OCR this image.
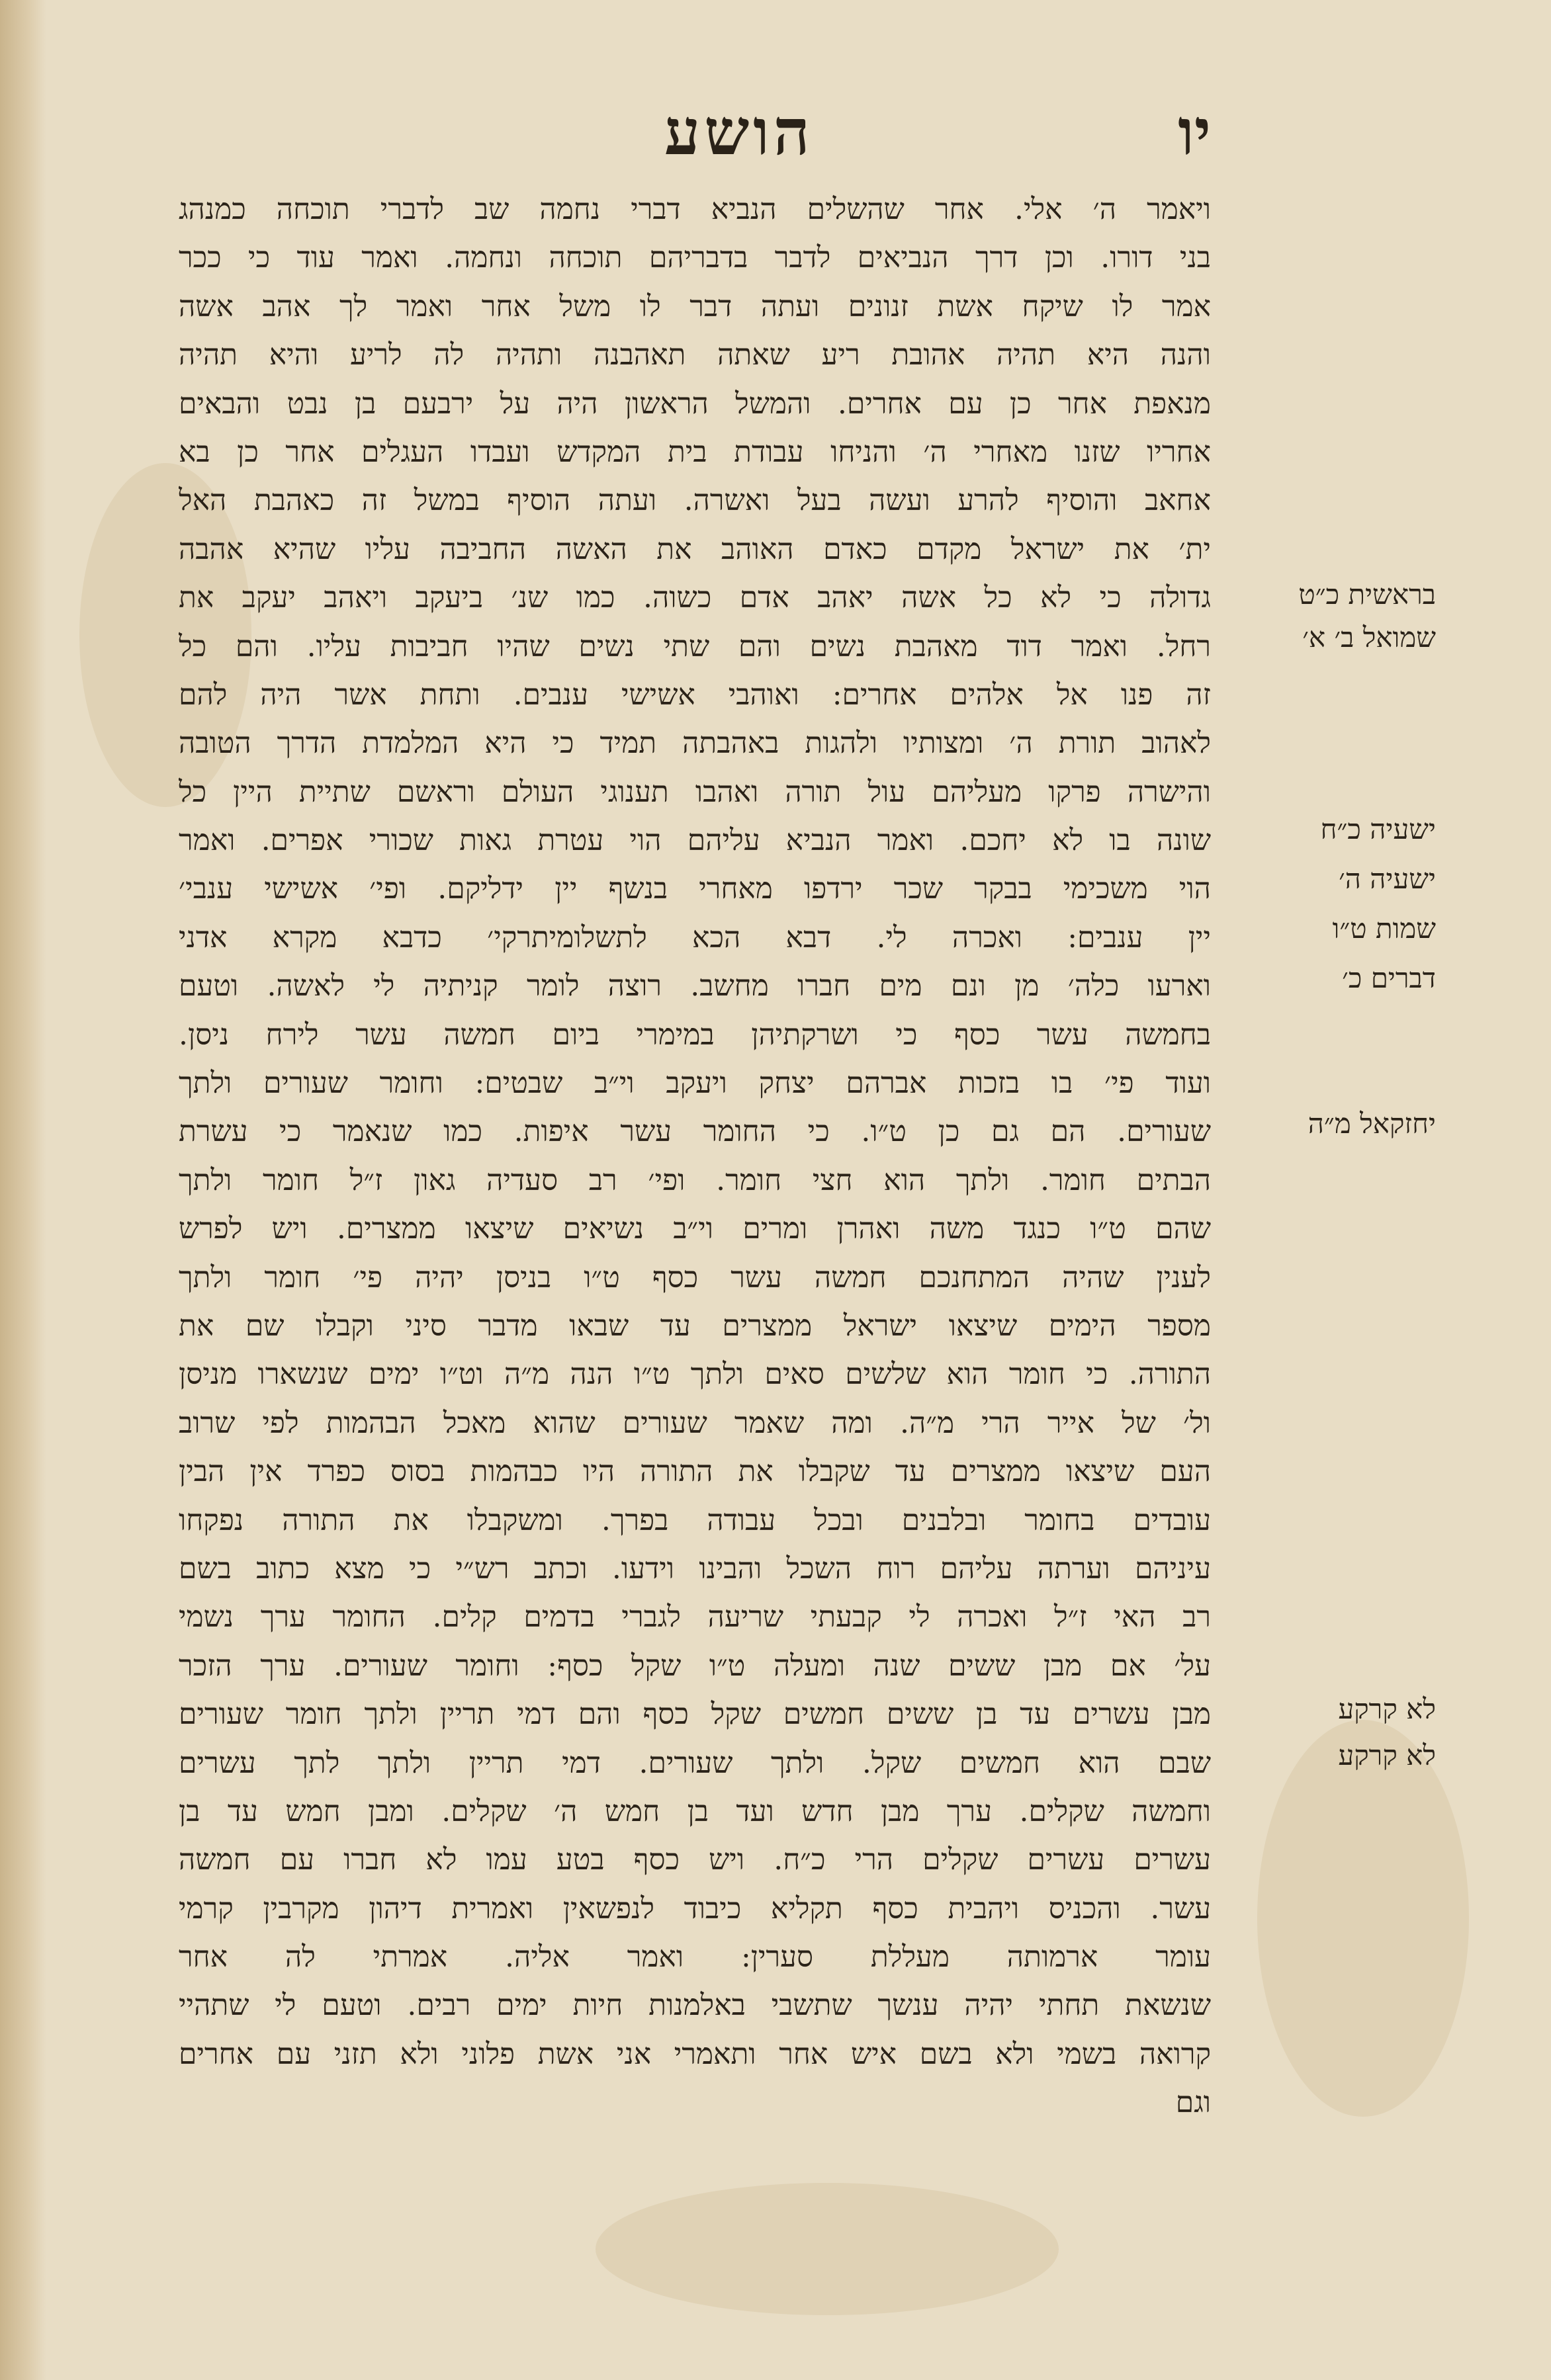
יו
הושע
ויאמר ה׳ אלי. אחר שהשלים הנביא דברי נחמה שב לדברי תוכחה כמנהג
בני דורו. וכן דרך הנביאים לדבר בדבריהם תוכחה ונחמה. ואמר עוד כי ככר
אמר לו שיקח אשת זנונים ועתה דבר לו משל אחר ואמר לך אהב אשה
והנה היא תהיה אהובת ריע שאתה תאהבנה ותהיה לה לריע והיא תהיה
מנאפת אחר כן עם אחרים. והמשל הראשון היה על ירבעם בן נבט והבאים
אחריו שזנו מאחרי ה׳ והניחו עבודת בית המקדש ועבדו העגלים אחר כן בא
אחאב והוסיף להרע ועשה בעל ואשרה. ועתה הוסיף במשל זה כאהבת האל
ית׳ את ישראל מקדם כאדם האוהב את האשה החביבה עליו שהיא אהבה
גדולה כי לא כל אשה יאהב אדם כשוה. כמו שנ׳ ביעקב ויאהב יעקב את
רחל. ואמר דוד מאהבת נשים והם שתי נשים שהיו חביבות עליו. והם כל
זה פנו אל אלהים אחרים: ואוהבי אשישי ענבים. ותחת אשר היה להם
לאהוב תורת ה׳ ומצותיו ולהגות באהבתה תמיד כי היא המלמדת הדרך הטובה
והישרה פרקו מעליהם עול תורה ואהבו תענוגי העולם וראשם שתיית היין כל
שונה בו לא יחכם. ואמר הנביא עליהם הוי עטרת גאות שכורי אפרים. ואמר
הוי משכימי בבקר שכר ירדפו מאחרי בנשף יין ידליקם. ופי׳ אשישי ענבי׳
יין ענבים: ואכרה לי. דבא הכא לתשלומיתרקי׳ כדבא מקרא אדני
וארעו כלה׳ מן ונם מים חברו מחשב. רוצה לומר קניתיה לי לאשה. וטעם
בחמשה עשר כסף כי ושרקתיהן במימרי ביום חמשה עשר לירח ניסן.
ועוד פי׳ בו בזכות אברהם יצחק ויעקב וי״ב שבטים: וחומר שעורים ולתך
שעורים. הם גם כן ט״ו. כי החומר עשר איפות. כמו שנאמר כי עשרת
הבתים חומר. ולתך הוא חצי חומר. ופי׳ רב סעדיה גאון ז״ל חומר ולתך
שהם ט״ו כנגד משה ואהרן ומרים וי״ב נשיאים שיצאו ממצרים. ויש לפרש
לענין שהיה המתחנכם חמשה עשר כסף ט״ו בניסן יהיה פי׳ חומר ולתך
מספר הימים שיצאו ישראל ממצרים עד שבאו מדבר סיני וקבלו שם את
התורה. כי חומר הוא שלשים סאים ולתך ט״ו הנה מ״ה וט״ו ימים שנשארו מניסן
ול׳ של אייר הרי מ״ה. ומה שאמר שעורים שהוא מאכל הבהמות לפי שרוב
העם שיצאו ממצרים עד שקבלו את התורה היו כבהמות בסוס כפרד אין הבין
עובדים בחומר ובלבנים ובכל עבודה בפרך. ומשקבלו את התורה נפקחו
עיניהם וערתה עליהם רוח השכל והבינו וידעו. וכתב רש״י כי מצא כתוב בשם
רב האי ז״ל ואכרה לי קבעתי שריעה לגברי בדמים קלים. החומר ערך נשמי
על׳ אם מבן ששים שנה ומעלה ט״ו שקל כסף: וחומר שעורים. ערך הזכר
מבן עשרים עד בן ששים חמשים שקל כסף והם דמי תריין ולתך חומר שעורים
שבם הוא חמשים שקל. ולתך שעורים. דמי תריין ולתך לתך עשרים
וחמשה שקלים. ערך מבן חדש ועד בן חמש ה׳ שקלים. ומבן חמש עד בן
עשרים עשרים שקלים הרי כ״ח. ויש כסף בטע עמו לא חברו עם חמשה
עשר. והכניס ויהבית כסף תקליא כיבוד לנפשאין ואמרית דיהון מקרבין קרמי
עומר ארמותה מעללת סערין: ואמר אליה. אמרתי לה אחר
שנשאת תחתי יהיה ענשך שתשבי באלמנות חיות ימים רבים. וטעם לי שתהיי
קרואה בשמי ולא בשם איש אחר ותאמרי אני אשת פלוני ולא תזני עם אחרים
וגם
בראשית כ״ט
שמואל ב׳ א׳
ישעיה כ״ח
ישעיה ה׳
שמות ט״ו
דברים כ׳
יחזקאל מ״ה
לא קרקע
לא קרקע
